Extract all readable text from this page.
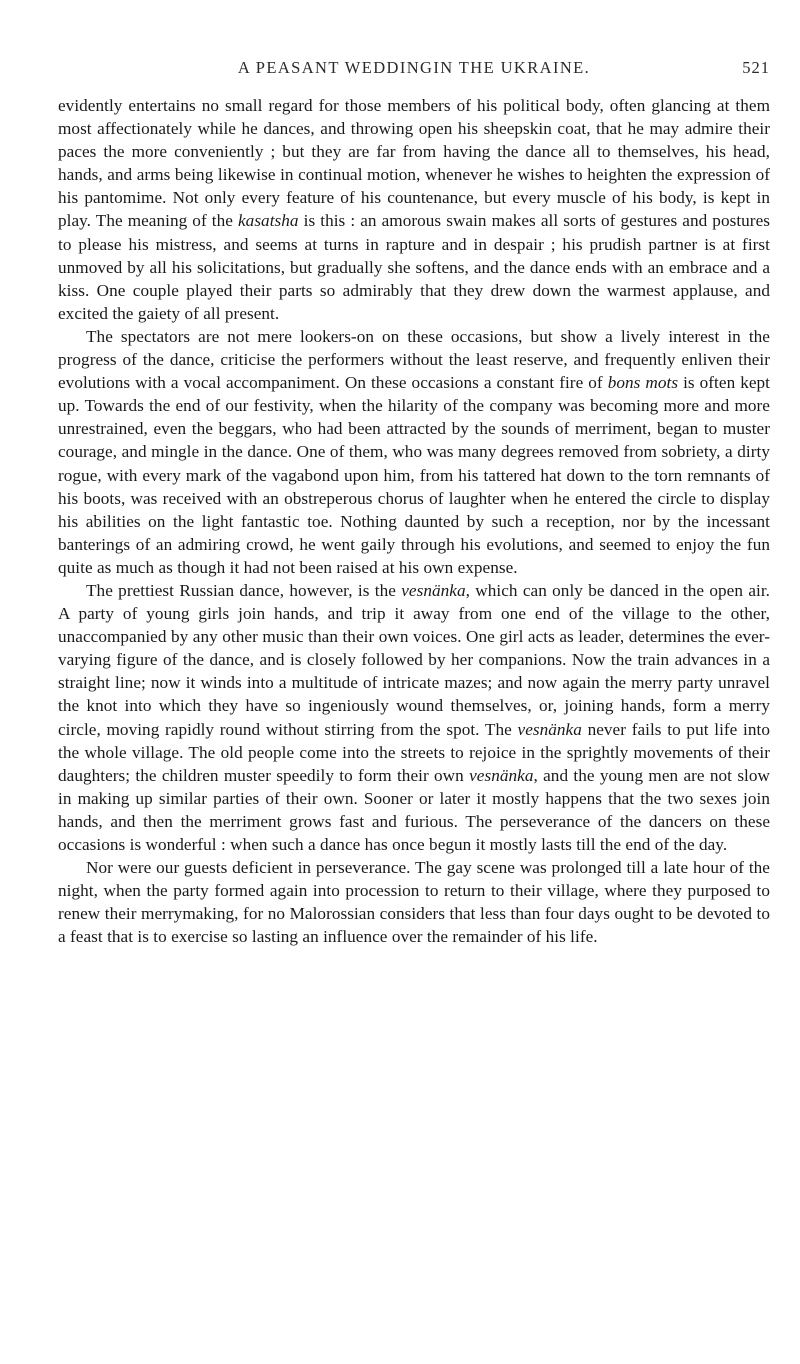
A PEASANT WEDDINGIN THE UKRAINE.	521

evidently entertains no small regard for those members of his political body, often glancing at them most affectionately while he dances, and throwing open his sheepskin coat, that he may admire their paces the more conveniently ; but they are far from having the dance all to themselves, his head, hands, and arms being likewise in continual motion, whenever he wishes to heighten the expression of his pantomime. Not only every feature of his countenance, but every muscle of his body, is kept in play. The meaning of the kasatsha is this : an amorous swain makes all sorts of gestures and postures to please his mistress, and seems at turns in rapture and in despair ; his prudish partner is at first unmoved by all his solicitations, but gradually she softens, and the dance ends with an embrace and a kiss. One couple played their parts so admirably that they drew down the warmest applause, and excited the gaiety of all present.

The spectators are not mere lookers-on on these occasions, but show a lively interest in the progress of the dance, criticise the performers without the least reserve, and frequently enliven their evolutions with a vocal accompaniment. On these occasions a constant fire of bons mots is often kept up. Towards the end of our festivity, when the hilarity of the company was becoming more and more unrestrained, even the beggars, who had been attracted by the sounds of merriment, began to muster courage, and mingle in the dance. One of them, who was many degrees removed from sobriety, a dirty rogue, with every mark of the vagabond upon him, from his tattered hat down to the torn remnants of his boots, was received with an obstreperous chorus of laughter when he entered the circle to display his abilities on the light fantastic toe. Nothing daunted by such a reception, nor by the incessant banterings of an admiring crowd, he went gaily through his evolutions, and seemed to enjoy the fun quite as much as though it had not been raised at his own expense.

The prettiest Russian dance, however, is the vesnänka, which can only be danced in the open air. A party of young girls join hands, and trip it away from one end of the village to the other, unaccompanied by any other music than their own voices. One girl acts as leader, determines the ever-varying figure of the dance, and is closely followed by her companions. Now the train advances in a straight line; now it winds into a multitude of intricate mazes; and now again the merry party unravel the knot into which they have so ingeniously wound themselves, or, joining hands, form a merry circle, moving rapidly round without stirring from the spot. The vesnänka never fails to put life into the whole village. The old people come into the streets to rejoice in the sprightly movements of their daughters; the children muster speedily to form their own vesnänka, and the young men are not slow in making up similar parties of their own. Sooner or later it mostly happens that the two sexes join hands, and then the merriment grows fast and furious. The perseverance of the dancers on these occasions is wonderful : when such a dance has once begun it mostly lasts till the end of the day.

Nor were our guests deficient in perseverance. The gay scene was prolonged till a late hour of the night, when the party formed again into procession to return to their village, where they purposed to renew their merrymaking, for no Malorossian considers that less than four days ought to be devoted to a feast that is to exercise so lasting an influence over the remainder of his life.
